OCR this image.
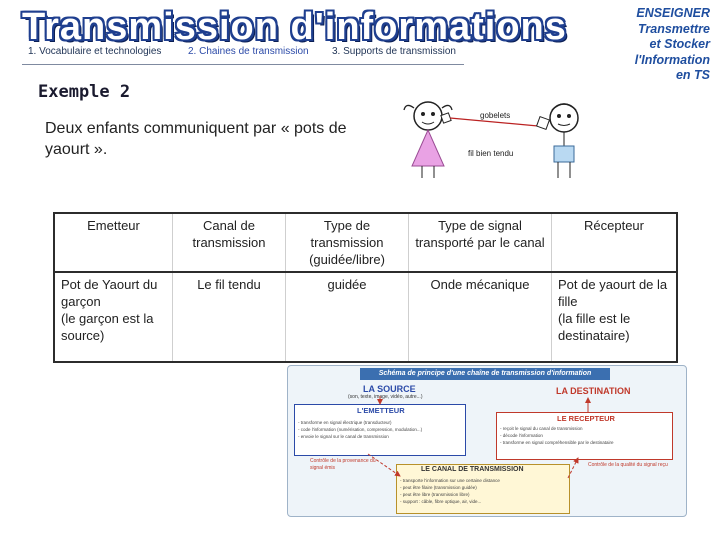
Transmission d'informations
1. Vocabulaire et technologies	2. Chaines de transmission 3. Supports de transmission
ENSEIGNER
Transmettre
et Stocker
l'Information
en TS
Exemple 2
Deux enfants communiquent par « pots de yaourt ».
gobelets
fil bien tendu
Emetteur	Canal de transmission	Type de transmission (guidée/libre)	Type de signal transporté par le canal	Récepteur
Pot de Yaourt du garçon
(le garçon est la source)	Le fil tendu	guidée	Onde mécanique	Pot de yaourt de la fille
(la fille est le destinataire)
Schéma de principe d'une chaîne de transmission d'information
LA SOURCE
(son, texte, image, vidéo, autre...)
LA DESTINATION
L'EMETTEUR
- transforme en signal électrique (transducteur)
- code l'information (numérisation, compression, modulation...)
- envoie le signal sur le canal de transmission
LE RECEPTEUR
- reçoit le signal du canal de transmission
- décode l'information
- transforme en signal compréhensible par le destinataire
LE CANAL DE TRANSMISSION
- transporte l'information sur une certaine distance
- peut être filaire (transmission guidée)
- peut être libre (transmission libre)
- support : câble, fibre optique, air, vide...
Contrôle de la provenance du signal émis	Contrôle de la qualité du signal reçu
